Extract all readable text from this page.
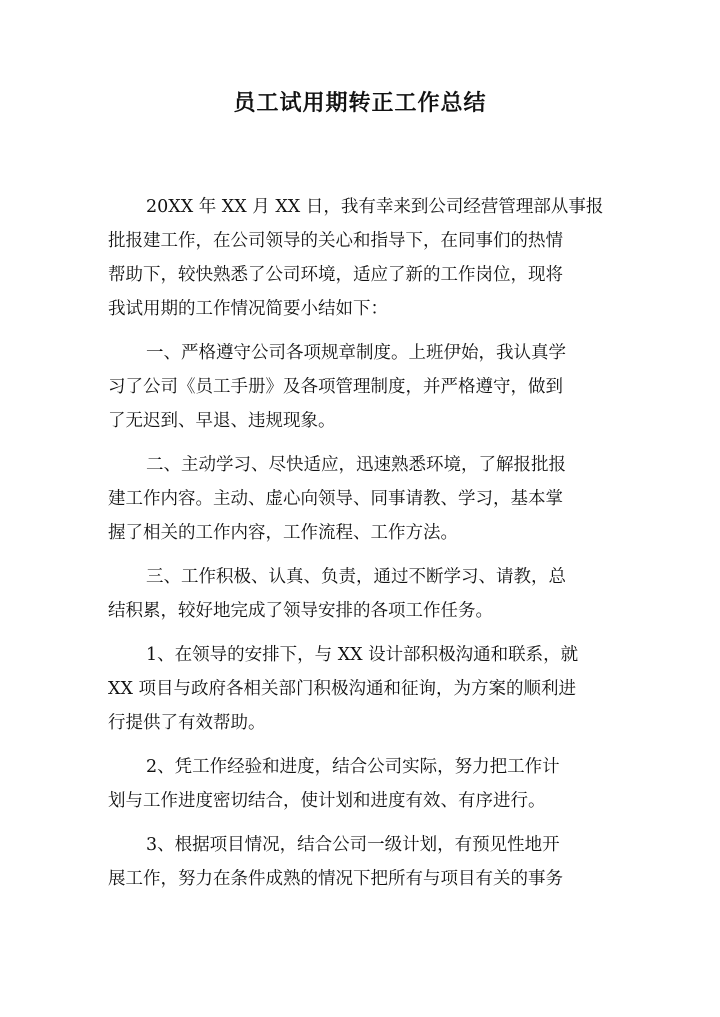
员工试用期转正工作总结
20XX 年 XX 月 XX 日，我有幸来到公司经营管理部从事报
批报建工作，在公司领导的关心和指导下，在同事们的热情
帮助下，较快熟悉了公司环境，适应了新的工作岗位，现将
我试用期的工作情况简要小结如下：
一、严格遵守公司各项规章制度。上班伊始，我认真学
习了公司《员工手册》及各项管理制度，并严格遵守，做到
了无迟到、早退、违规现象。
二、主动学习、尽快适应，迅速熟悉环境，了解报批报
建工作内容。主动、虚心向领导、同事请教、学习，基本掌
握了相关的工作内容，工作流程、工作方法。
三、工作积极、认真、负责，通过不断学习、请教，总
结积累，较好地完成了领导安排的各项工作任务。
1、在领导的安排下，与 XX 设计部积极沟通和联系，就
XX 项目与政府各相关部门积极沟通和征询，为方案的顺利进
行提供了有效帮助。
2、凭工作经验和进度，结合公司实际，努力把工作计
划与工作进度密切结合，使计划和进度有效、有序进行。
3、根据项目情况，结合公司一级计划，有预见性地开
展工作，努力在条件成熟的情况下把所有与项目有关的事务
